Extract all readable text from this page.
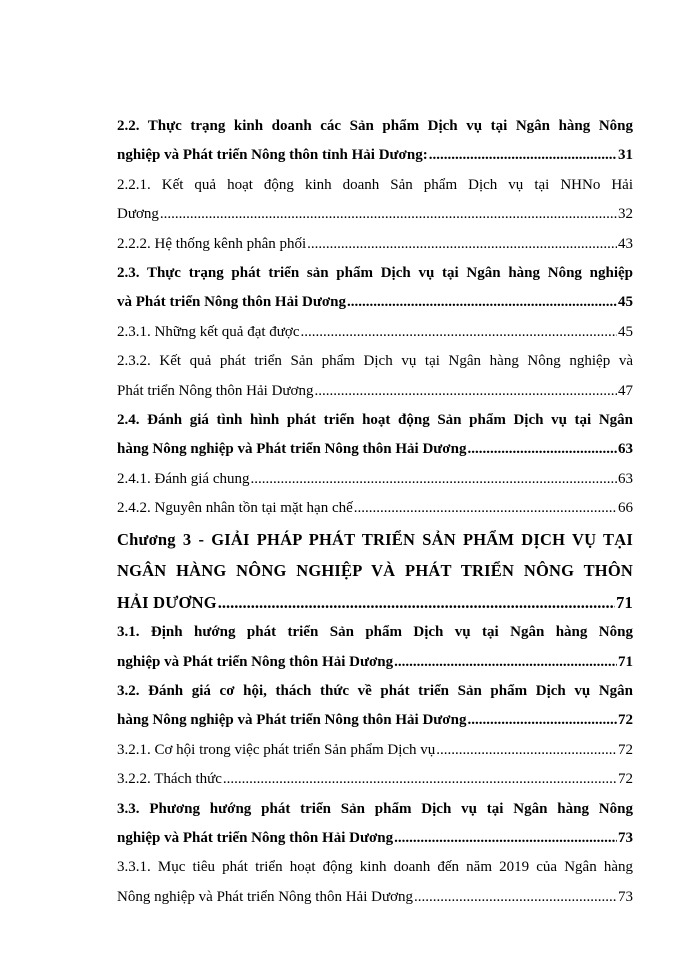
2.2. Thực trạng kinh doanh các Sản phẩm Dịch vụ tại Ngân hàng Nông
nghiệp và Phát triển Nông thôn tỉnh Hải Dương: .....	31
2.2.1. Kết quả hoạt động kinh doanh Sản phẩm Dịch vụ tại NHNo Hải
Dương .....	32
2.2.2. Hệ thống kênh phân phối .....	43
2.3. Thực trạng phát triển sản phẩm Dịch vụ tại Ngân hàng Nông nghiệp
và Phát triển Nông thôn Hải Dương .....	45
2.3.1. Những kết quả đạt được .....	45
2.3.2. Kết quả phát triển Sản phẩm Dịch vụ tại Ngân hàng Nông nghiệp và
Phát triển Nông thôn Hải Dương .....	47
2.4. Đánh giá tình hình phát triển hoạt động Sản phẩm Dịch vụ tại Ngân
hàng Nông nghiệp và Phát triển Nông thôn Hải Dương .....	63
2.4.1. Đánh giá chung .....	63
2.4.2. Nguyên nhân tồn tại mặt hạn chế .....	66
Chương 3 - GIẢI PHÁP PHÁT TRIỂN SẢN PHẨM DỊCH VỤ TẠI
NGÂN HÀNG NÔNG NGHIỆP VÀ PHÁT TRIỂN NÔNG THÔN
HẢI DƯƠNG .....	71
3.1. Định hướng phát triển Sản phẩm Dịch vụ tại Ngân hàng Nông
nghiệp và Phát triển Nông thôn Hải Dương .....	71
3.2. Đánh giá cơ hội, thách thức về phát triển Sản phẩm Dịch vụ Ngân
hàng Nông nghiệp và Phát triển Nông thôn Hải Dương .....	72
3.2.1. Cơ hội trong việc phát triển Sản phẩm Dịch vụ .....	72
3.2.2. Thách thức .....	72
3.3. Phương hướng phát triển Sản phẩm Dịch vụ tại Ngân hàng Nông
nghiệp và Phát triển Nông thôn Hải Dương .....	73
3.3.1. Mục tiêu phát triển hoạt động kinh doanh đến năm 2019 của Ngân hàng
Nông nghiệp và Phát triển Nông thôn Hải Dương .....	73
